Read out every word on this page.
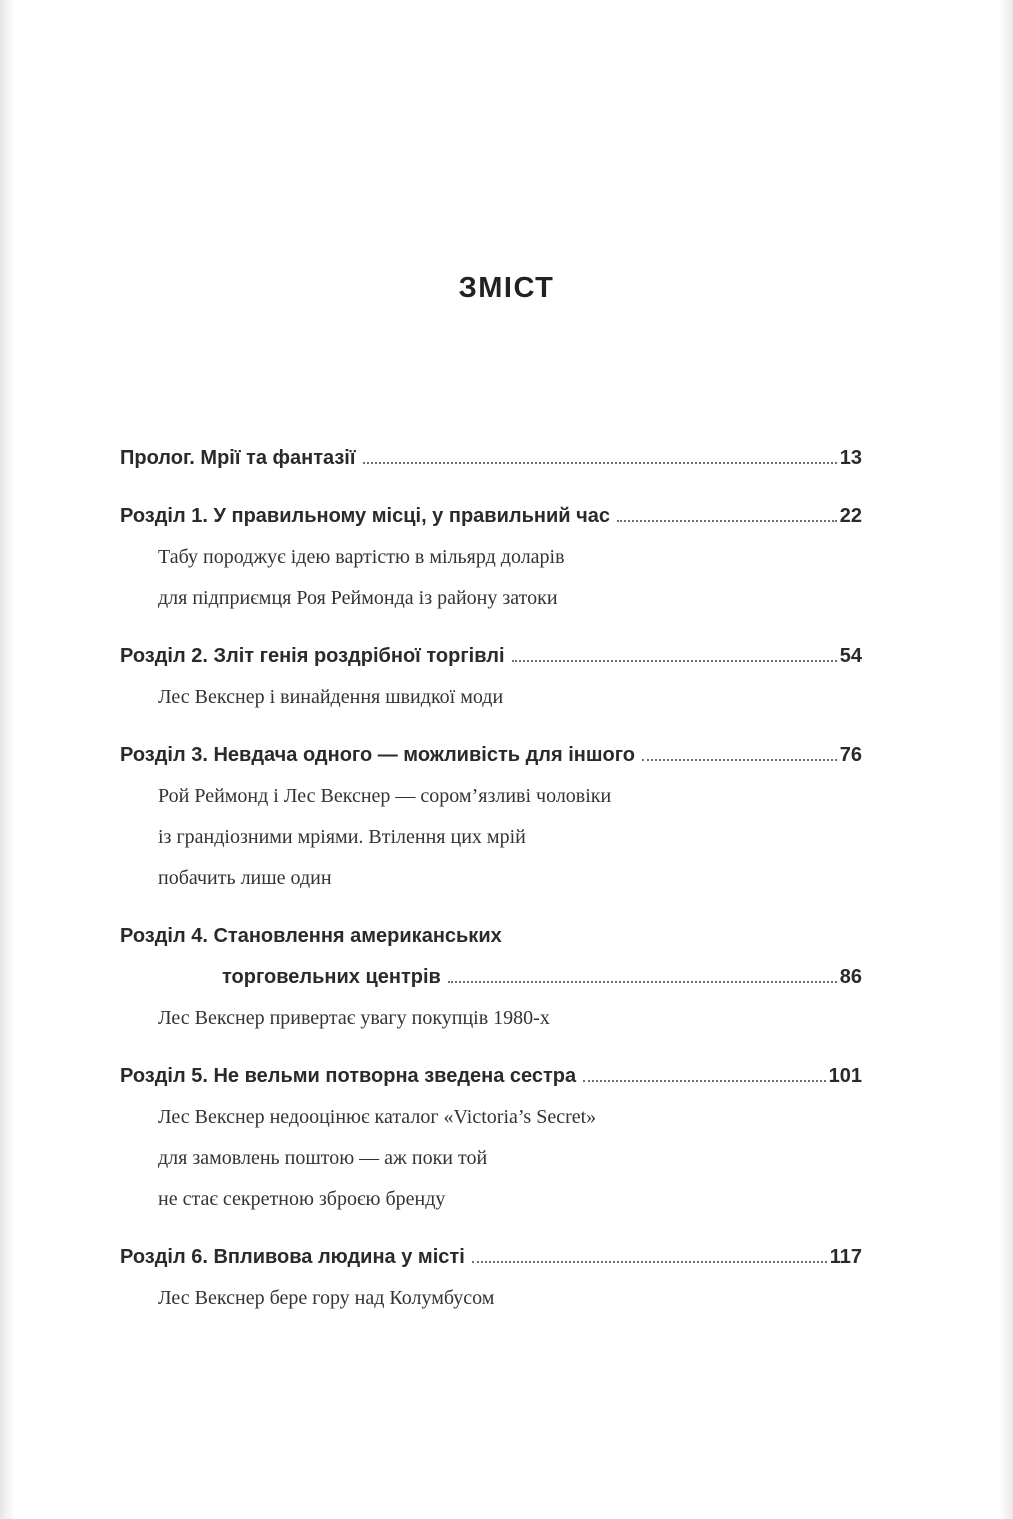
ЗМІСТ
Пролог. Мрії та фантазії	13
Розділ 1. У правильному місці, у правильний час	22
Табу породжує ідею вартістю в мільярд доларів
для підприємця Роя Реймонда із району затоки
Розділ 2. Зліт генія роздрібної торгівлі	54
Лес Векснер і винайдення швидкої моди
Розділ 3. Невдача одного — можливість для іншого	76
Рой Реймонд і Лес Векснер — сором’язливі чоловіки
із грандіозними мріями. Втілення цих мрій
побачить лише один
Розділ 4. Становлення американських
торговельних центрів	86
Лес Векснер привертає увагу покупців 1980-х
Розділ 5. Не вельми потворна зведена сестра	101
Лес Векснер недооцінює каталог «Victoria’s Secret»
для замовлень поштою — аж поки той
не стає секретною зброєю бренду
Розділ 6. Впливова людина у місті	117
Лес Векснер бере гору над Колумбусом
